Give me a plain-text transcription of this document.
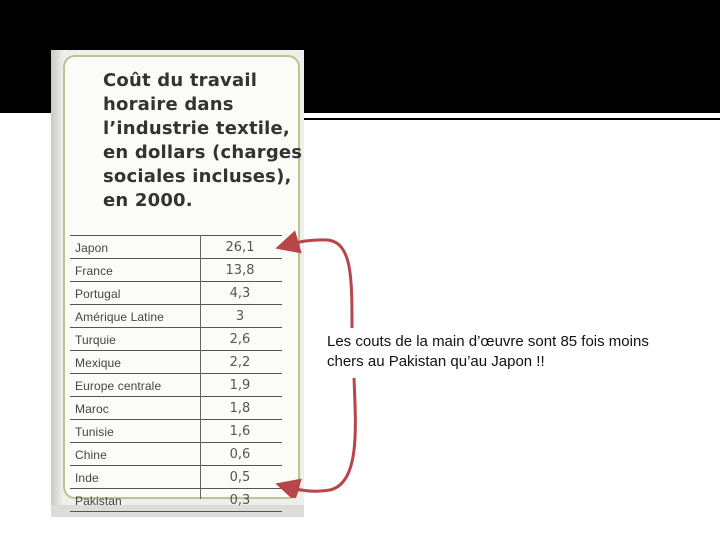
Coût du travail
horaire dans
l’industrie textile,
en dollars (charges
sociales incluses),
en 2000.
Japon	26,1
France	13,8
Portugal	4,3
Amérique Latine	3
Turquie	2,6
Mexique	2,2
Europe centrale	1,9
Maroc	1,8
Tunisie	1,6
Chine	0,6
Inde	0,5
Pakistan	0,3
Les couts de la main d’œuvre sont 85 fois moins chers au Pakistan qu’au Japon !!
